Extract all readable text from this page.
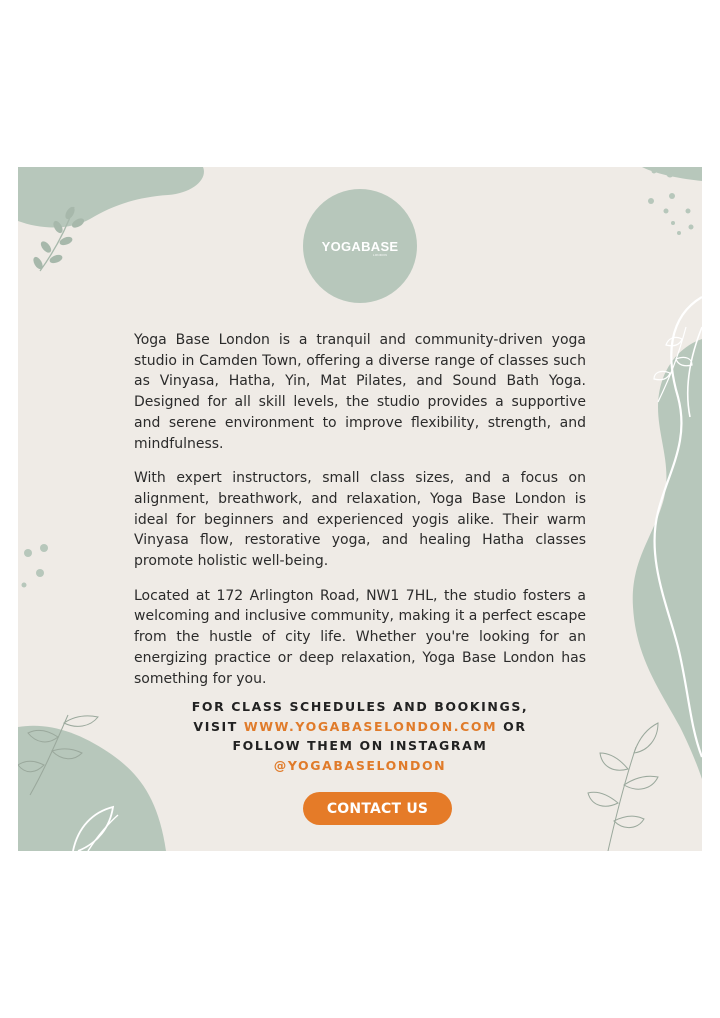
YOGABASE
LONDON

Yoga Base London is a tranquil and community-driven yoga studio in Camden Town, offering a diverse range of classes such as Vinyasa, Hatha, Yin, Mat Pilates, and Sound Bath Yoga. Designed for all skill levels, the studio provides a supportive and serene environment to improve flexibility, strength, and mindfulness.

With expert instructors, small class sizes, and a focus on alignment, breathwork, and relaxation, Yoga Base London is ideal for beginners and experienced yogis alike. Their warm Vinyasa flow, restorative yoga, and healing Hatha classes promote holistic well-being.

Located at 172 Arlington Road, NW1 7HL, the studio fosters a welcoming and inclusive community, making it a perfect escape from the hustle of city life. Whether you're looking for an energizing practice or deep relaxation, Yoga Base London has something for you.

FOR CLASS SCHEDULES AND BOOKINGS,
VISIT WWW.YOGABASELONDON.COM OR
FOLLOW THEM ON INSTAGRAM
@YOGABASELONDON
CONTACT US
